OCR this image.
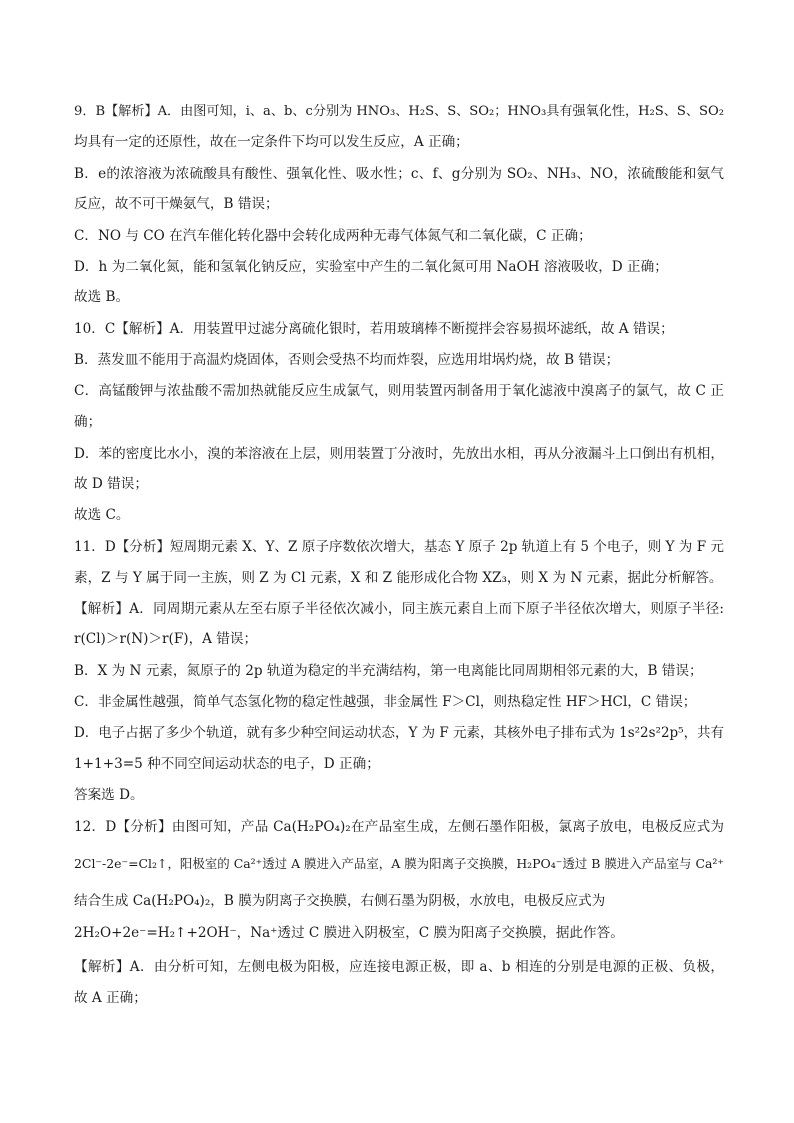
9．B【解析】A．由图可知，i、a、b、c分别为 HNO₃、H₂S、S、SO₂；HNO₃具有强氧化性，H₂S、S、SO₂
均具有一定的还原性，故在一定条件下均可以发生反应，A 正确；
B．e的浓溶液为浓硫酸具有酸性、强氧化性、吸水性；c、f、g分别为 SO₂、NH₃、NO，浓硫酸能和氨气
反应，故不可干燥氨气，B 错误；
C．NO 与 CO 在汽车催化转化器中会转化成两种无毒气体氮气和二氧化碳，C 正确；
D．h 为二氧化氮，能和氢氧化钠反应，实验室中产生的二氧化氮可用 NaOH 溶液吸收，D 正确；
故选 B。
10．C【解析】A．用装置甲过滤分离硫化银时，若用玻璃棒不断搅拌会容易损坏滤纸，故 A 错误；
B．蒸发皿不能用于高温灼烧固体，否则会受热不均而炸裂，应选用坩埚灼烧，故 B 错误；
C．高锰酸钾与浓盐酸不需加热就能反应生成氯气，则用装置丙制备用于氧化滤液中溴离子的氯气，故 C 正
确；
D．苯的密度比水小，溴的苯溶液在上层，则用装置丁分液时，先放出水相，再从分液漏斗上口倒出有机相，
故 D 错误；
故选 C。
11．D【分析】短周期元素 X、Y、Z 原子序数依次增大，基态 Y 原子 2p 轨道上有 5 个电子，则 Y 为 F 元
素，Z 与 Y 属于同一主族，则 Z 为 Cl 元素，X 和 Z 能形成化合物 XZ₃，则 X 为 N 元素，据此分析解答。
【解析】A．同周期元素从左至右原子半径依次减小，同主族元素自上而下原子半径依次增大，则原子半径:
r(Cl)＞r(N)＞r(F)，A 错误；
B．X 为 N 元素，氮原子的 2p 轨道为稳定的半充满结构，第一电离能比同周期相邻元素的大，B 错误；
C．非金属性越强，简单气态氢化物的稳定性越强，非金属性 F＞Cl，则热稳定性 HF＞HCl，C 错误；
D．电子占据了多少个轨道，就有多少种空间运动状态，Y 为 F 元素，其核外电子排布式为 1s²2s²2p⁵，共有
1+1+3=5 种不同空间运动状态的电子，D 正确；
答案选 D。
12．D【分析】由图可知，产品 Ca(H₂PO₄)₂在产品室生成，左侧石墨作阳极，氯离子放电，电极反应式为
2Cl⁻-2e⁻=Cl₂↑，阳极室的 Ca²⁺透过 A 膜进入产品室，A 膜为阳离子交换膜，H₂PO₄⁻透过 B 膜进入产品室与 Ca²⁺
结合生成 Ca(H₂PO₄)₂，B 膜为阴离子交换膜，右侧石墨为阴极，水放电，电极反应式为
2H₂O+2e⁻=H₂↑+2OH⁻，Na⁺透过 C 膜进入阴极室，C 膜为阳离子交换膜，据此作答。
【解析】A．由分析可知，左侧电极为阳极，应连接电源正极，即 a、b 相连的分别是电源的正极、负极，
故 A 正确；
